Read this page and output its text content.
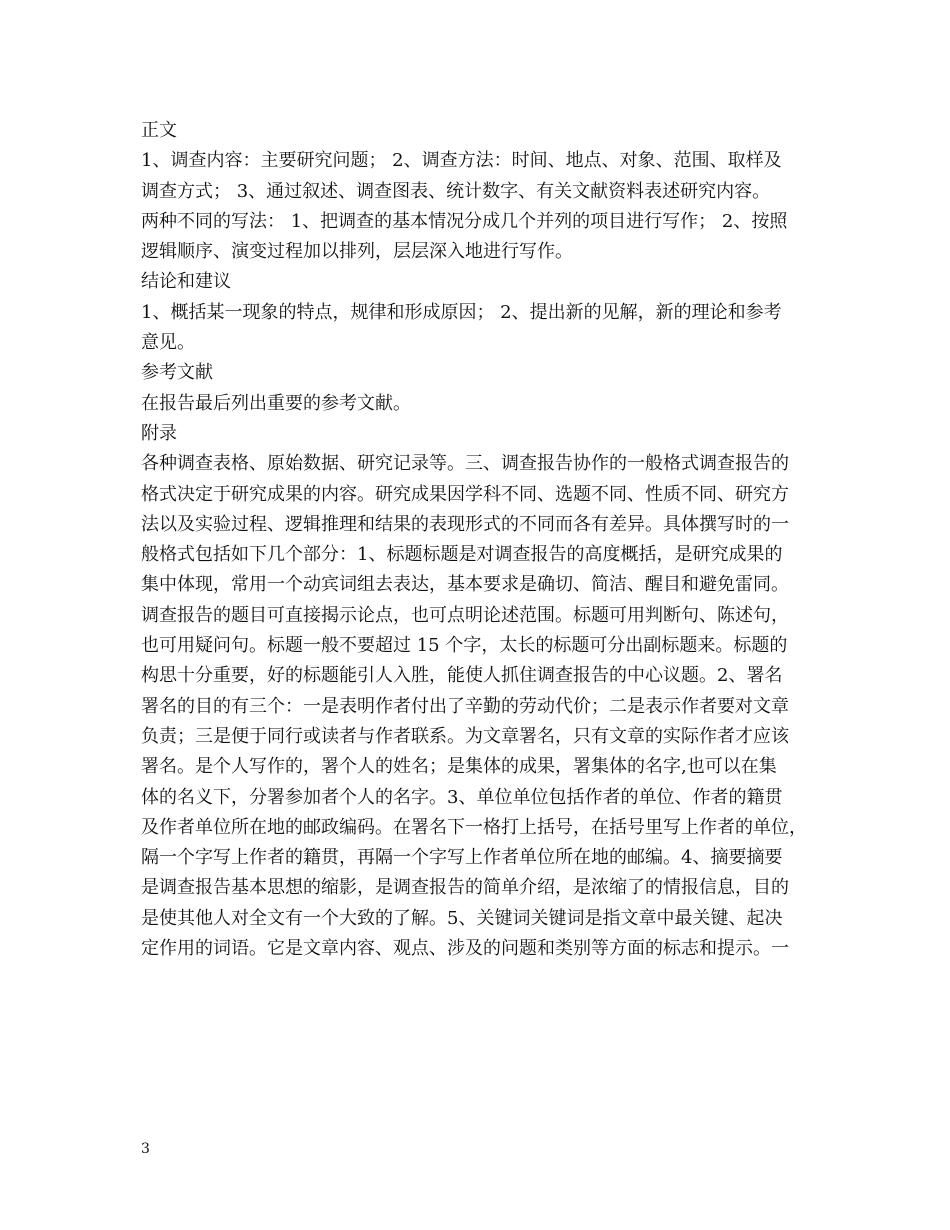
正文
1、调查内容：主要研究问题； 2、调查方法：时间、地点、对象、范围、取样及
调查方式； 3、通过叙述、调查图表、统计数字、有关文献资料表述研究内容。
两种不同的写法： 1、把调查的基本情况分成几个并列的项目进行写作； 2、按照
逻辑顺序、演变过程加以排列，层层深入地进行写作。
结论和建议
1、概括某一现象的特点，规律和形成原因； 2、提出新的见解，新的理论和参考
意见。
参考文献
在报告最后列出重要的参考文献。
附录
各种调查表格、原始数据、研究记录等。三、调查报告协作的一般格式调查报告的
格式决定于研究成果的内容。研究成果因学科不同、选题不同、性质不同、研究方
法以及实验过程、逻辑推理和结果的表现形式的不同而各有差异。具体撰写时的一
般格式包括如下几个部分：1、标题标题是对调查报告的高度概括，是研究成果的
集中体现，常用一个动宾词组去表达，基本要求是确切、简洁、醒目和避免雷同。
调查报告的题目可直接揭示论点，也可点明论述范围。标题可用判断句、陈述句，
也可用疑问句。标题一般不要超过 15 个字，太长的标题可分出副标题来。标题的
构思十分重要，好的标题能引人入胜，能使人抓住调查报告的中心议题。2、署名
署名的目的有三个：一是表明作者付出了辛勤的劳动代价；二是表示作者要对文章
负责；三是便于同行或读者与作者联系。为文章署名，只有文章的实际作者才应该
署名。是个人写作的，署个人的姓名；是集体的成果，署集体的名字,也可以在集
体的名义下，分署参加者个人的名字。3、单位单位包括作者的单位、作者的籍贯
及作者单位所在地的邮政编码。在署名下一格打上括号，在括号里写上作者的单位，
隔一个字写上作者的籍贯，再隔一个字写上作者单位所在地的邮编。4、摘要摘要
是调查报告基本思想的缩影，是调查报告的简单介绍，是浓缩了的情报信息，目的
是使其他人对全文有一个大致的了解。5、关键词关键词是指文章中最关键、起决
定作用的词语。它是文章内容、观点、涉及的问题和类别等方面的标志和提示。一
3
